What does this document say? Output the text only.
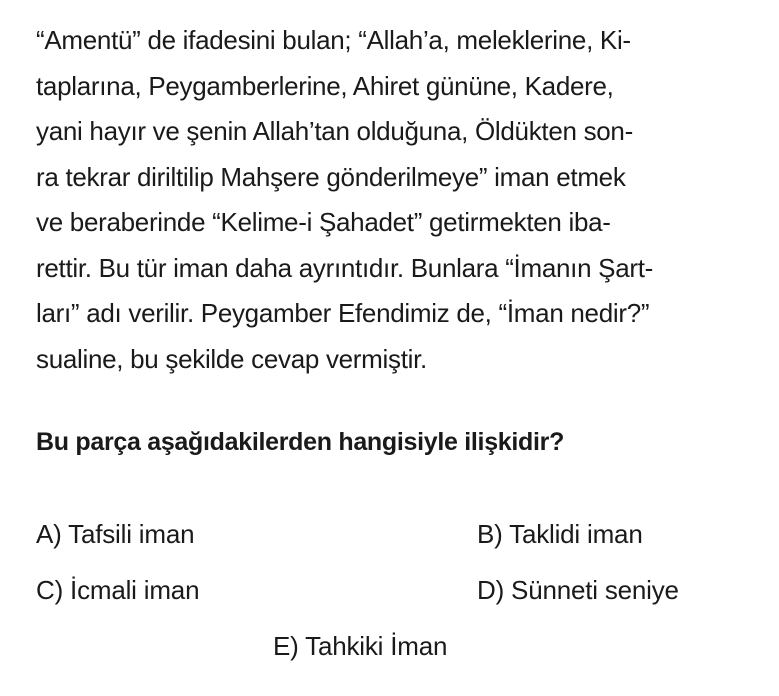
“Amentü” de ifadesini bulan; “Allah’a, meleklerine, Ki-
taplarına, Peygamberlerine, Ahiret gününe, Kadere,
yani hayır ve şenin Allah’tan olduğuna, Öldükten son-
ra tekrar diriltilip Mahşere gönderilmeye” iman etmek
ve beraberinde “Kelime-i Şahadet” getirmekten iba-
rettir. Bu tür iman daha ayrıntıdır. Bunlara “İmanın Şart-
ları” adı verilir. Peygamber Efendimiz de, “İman nedir?”
sualine, bu şekilde cevap vermiştir.

Bu parça aşağıdakilerden hangisiyle ilişkidir?

A) Tafsili iman	B) Taklidi iman
C) İcmali iman	D) Sünneti seniye
E) Tahkiki İman
